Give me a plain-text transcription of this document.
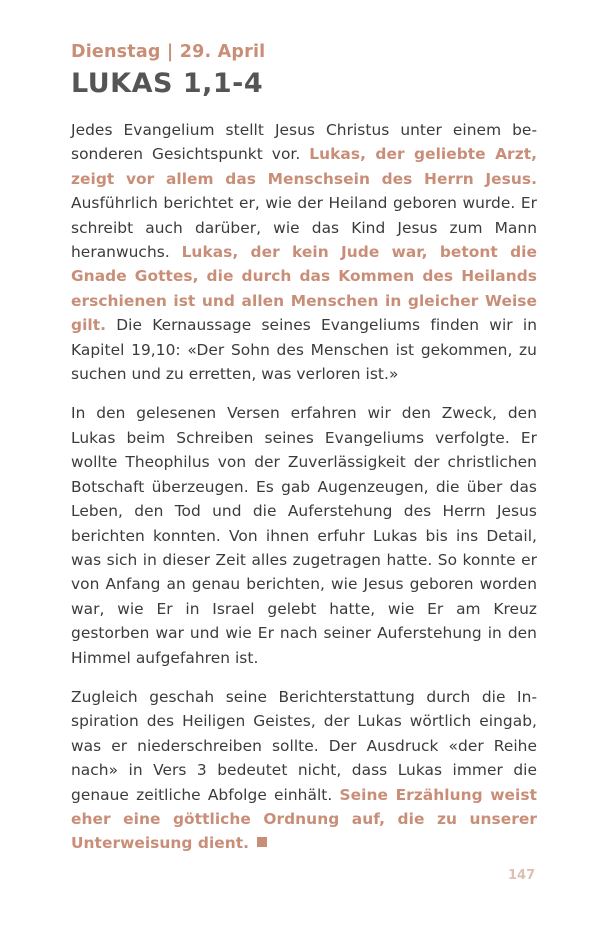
Dienstag | 29. April
LUKAS 1,1-4

Jedes Evangelium stellt Jesus Christus unter einem besonderen Gesichtspunkt vor. Lukas, der geliebte Arzt, zeigt vor allem das Menschsein des Herrn Jesus. Ausführlich berichtet er, wie der Heiland geboren wurde. Er schreibt auch darüber, wie das Kind Jesus zum Mann heranwuchs. Lukas, der kein Jude war, betont die Gnade Gottes, die durch das Kommen des Heilands erschienen ist und allen Menschen in gleicher Weise gilt. Die Kernaussage seines Evangeliums finden wir in Kapitel 19,10: «Der Sohn des Menschen ist gekommen, zu suchen und zu erretten, was verloren ist.»

In den gelesenen Versen erfahren wir den Zweck, den Lukas beim Schreiben seines Evangeliums verfolgte. Er wollte Theophilus von der Zuverlässigkeit der christlichen Botschaft überzeugen. Es gab Augenzeugen, die über das Leben, den Tod und die Auferstehung des Herrn Jesus berichten konnten. Von ihnen erfuhr Lukas bis ins Detail, was sich in dieser Zeit alles zugetragen hatte. So konnte er von Anfang an genau berichten, wie Jesus geboren worden war, wie Er in Israel gelebt hatte, wie Er am Kreuz gestorben war und wie Er nach seiner Auferstehung in den Himmel aufgefahren ist.

Zugleich geschah seine Berichterstattung durch die Inspiration des Heiligen Geistes, der Lukas wörtlich eingab, was er niederschreiben sollte. Der Ausdruck «der Reihe nach» in Vers 3 bedeutet nicht, dass Lukas immer die genaue zeitliche Abfolge einhält. Seine Erzählung weist eher eine göttliche Ordnung auf, die zu unserer Unterweisung dient.

147
